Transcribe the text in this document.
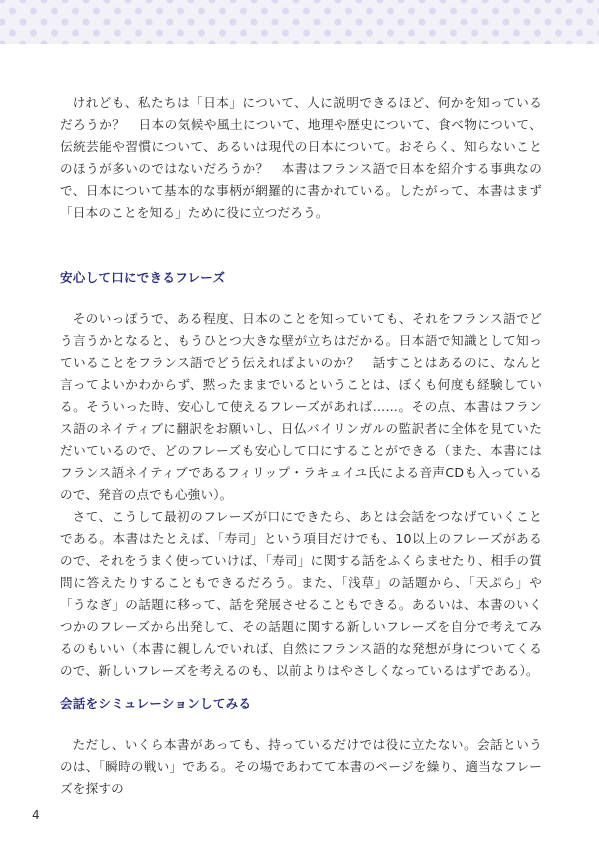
けれども、私たちは「日本」について、人に説明できるほど、何かを知っているだろうか？　日本の気候や風土について、地理や歴史について、食べ物について、伝統芸能や習慣について、あるいは現代の日本について。おそらく、知らないことのほうが多いのではないだろうか？　本書はフランス語で日本を紹介する事典なので、日本について基本的な事柄が網羅的に書かれている。したがって、本書はまず「日本のことを知る」ために役に立つだろう。

安心して口にできるフレーズ

そのいっぽうで、ある程度、日本のことを知っていても、それをフランス語でどう言うかとなると、もうひとつ大きな壁が立ちはだかる。日本語で知識として知っていることをフランス語でどう伝えればよいのか？　話すことはあるのに、なんと言ってよいかわからず、黙ったままでいるということは、ぼくも何度も経験している。そういった時、安心して使えるフレーズがあれば……。その点、本書はフランス語のネイティブに翻訳をお願いし、日仏バイリンガルの監訳者に全体を見ていただいているので、どのフレーズも安心して口にすることができる（また、本書にはフランス語ネイティブであるフィリップ・ラキュイユ氏による音声CDも入っているので、発音の点でも心強い）。

さて、こうして最初のフレーズが口にできたら、あとは会話をつなげていくことである。本書はたとえば、「寿司」という項目だけでも、10以上のフレーズがあるので、それをうまく使っていけば、「寿司」に関する話をふくらませたり、相手の質問に答えたりすることもできるだろう。また、「浅草」の話題から、「天ぷら」や「うなぎ」の話題に移って、話を発展させることもできる。あるいは、本書のいくつかのフレーズから出発して、その話題に関する新しいフレーズを自分で考えてみるのもいい（本書に親しんでいれば、自然にフランス語的な発想が身についてくるので、新しいフレーズを考えるのも、以前よりはやさしくなっているはずである）。

会話をシミュレーションしてみる

ただし、いくら本書があっても、持っているだけでは役に立たない。会話というのは、「瞬時の戦い」である。その場であわてて本書のページを繰り、適当なフレーズを探すの

4
